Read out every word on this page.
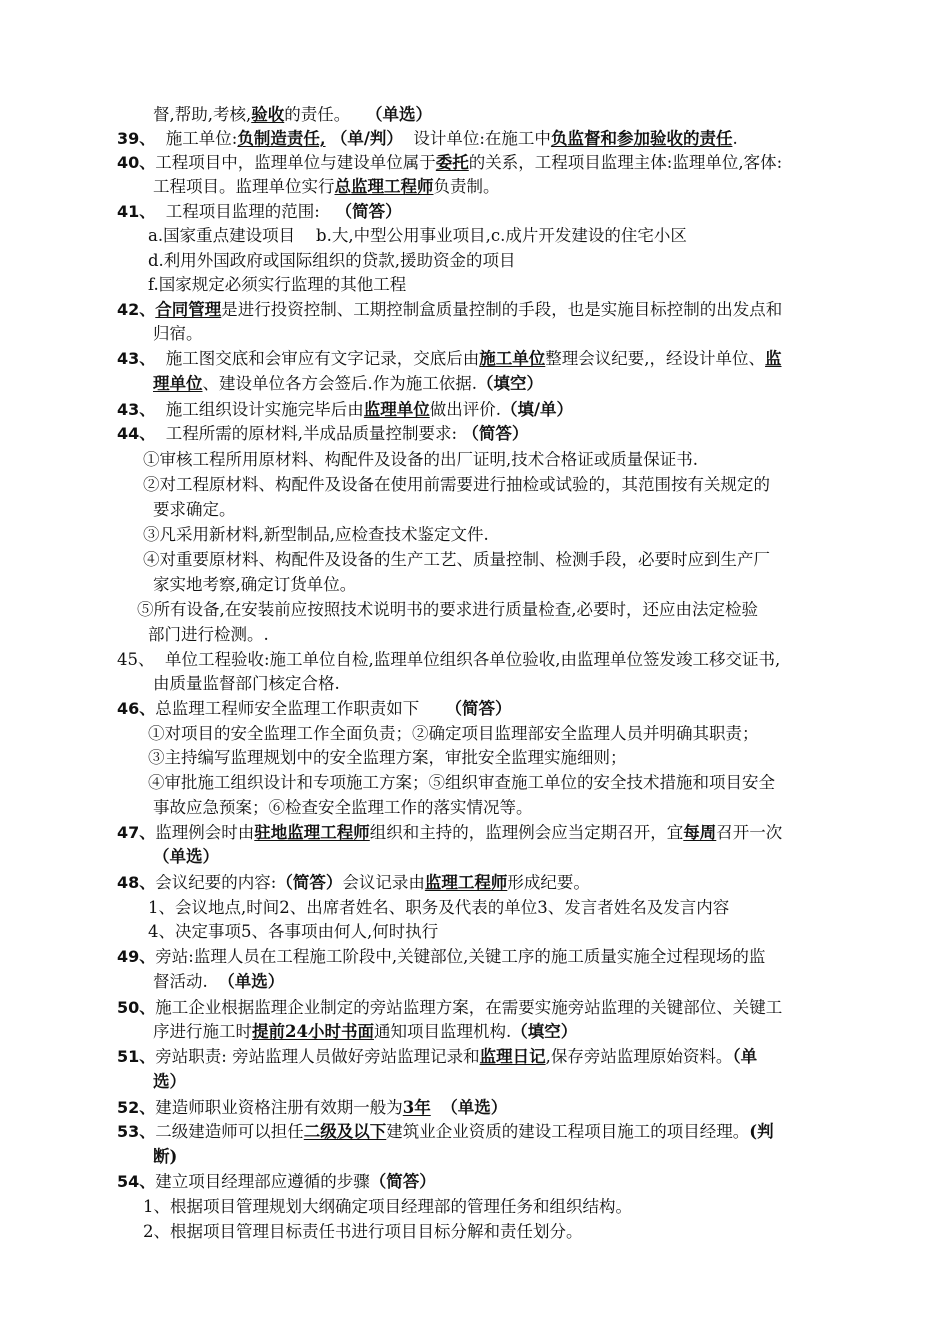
督,帮助,考核,验收的责任。   （单选）
39、  施工单位:负制造责任, （单/判）  设计单位:在施工中负监督和参加验收的责任.
40、工程项目中，监理单位与建设单位属于委托的关系，工程项目监理主体:监理单位,客体:
工程项目。监理单位实行总监理工程师负责制。
41、  工程项目监理的范围:   （简答）
a.国家重点建设项目    b.大,中型公用事业项目,c.成片开发建设的住宅小区
d.利用外国政府或国际组织的贷款,援助资金的项目
f.国家规定必须实行监理的其他工程
42、合同管理是进行投资控制、工期控制盒质量控制的手段，也是实施目标控制的出发点和
归宿。
43、  施工图交底和会审应有文字记录，交底后由施工单位整理会议纪要,，经设计单位、监
理单位、建设单位各方会签后.作为施工依据.（填空）
43、  施工组织设计实施完毕后由监理单位做出评价.（填/单）
44、  工程所需的原材料,半成品质量控制要求: （简答）
①审核工程所用原材料、构配件及设备的出厂证明,技术合格证或质量保证书.
②对工程原材料、构配件及设备在使用前需要进行抽检或试验的，其范围按有关规定的
要求确定。
③凡采用新材料,新型制品,应检查技术鉴定文件.
④对重要原材料、构配件及设备的生产工艺、质量控制、检测手段，必要时应到生产厂
家实地考察,确定订货单位。
⑤所有设备,在安装前应按照技术说明书的要求进行质量检查,必要时，还应由法定检验
部门进行检测。.
45、  单位工程验收:施工单位自检,监理单位组织各单位验收,由监理单位签发竣工移交证书,
由质量监督部门核定合格.
46、总监理工程师安全监理工作职责如下     （简答）
①对项目的安全监理工作全面负责；②确定项目监理部安全监理人员并明确其职责；
③主持编写监理规划中的安全监理方案，审批安全监理实施细则；
④审批施工组织设计和专项施工方案；⑤组织审查施工单位的安全技术措施和项目安全
事故应急预案；⑥检查安全监理工作的落实情况等。
47、监理例会时由驻地监理工程师组织和主持的，监理例会应当定期召开，宜每周召开一次
（单选）
48、会议纪要的内容:（简答）会议记录由监理工程师形成纪要。
1、会议地点,时间2、出席者姓名、职务及代表的单位3、发言者姓名及发言内容
4、决定事项5、各事项由何人,何时执行
49、旁站:监理人员在工程施工阶段中,关键部位,关键工序的施工质量实施全过程现场的监
督活动.  （单选）
50、施工企业根据监理企业制定的旁站监理方案，在需要实施旁站监理的关键部位、关键工
序进行施工时提前24小时书面通知项目监理机构.（填空）
51、旁站职责: 旁站监理人员做好旁站监理记录和监理日记,保存旁站监理原始资料。（单
选）
52、建造师职业资格注册有效期一般为3年 （单选）
53、二级建造师可以担任二级及以下建筑业企业资质的建设工程项目施工的项目经理。(判
断)
54、建立项目经理部应遵循的步骤（简答）
1、根据项目管理规划大纲确定项目经理部的管理任务和组织结构。
2、根据项目管理目标责任书进行项目目标分解和责任划分。
